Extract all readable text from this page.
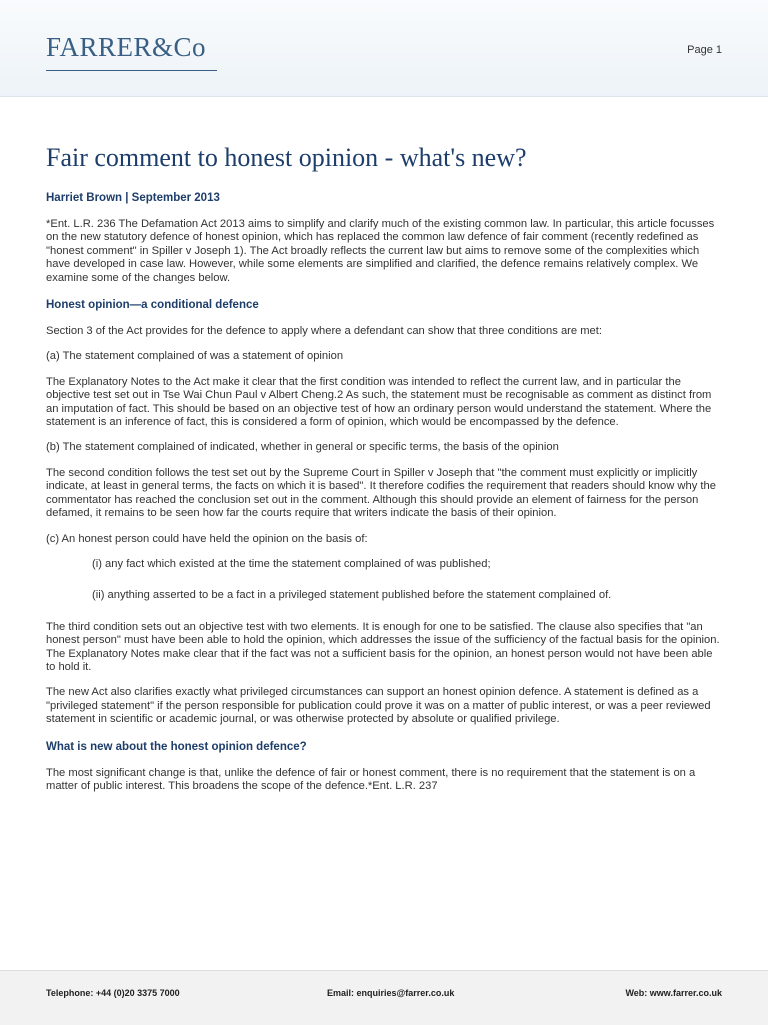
FARRER&Co	Page 1
Fair comment to honest opinion - what's new?
Harriet Brown | September 2013

*Ent. L.R. 236 The Defamation Act 2013 aims to simplify and clarify much of the existing common law. In particular, this article focusses on the new statutory defence of honest opinion, which has replaced the common law defence of fair comment (recently redefined as "honest comment" in Spiller v Joseph 1). The Act broadly reflects the current law but aims to remove some of the complexities which have developed in case law. However, while some elements are simplified and clarified, the defence remains relatively complex. We examine some of the changes below.

Honest opinion—a conditional defence

Section 3 of the Act provides for the defence to apply where a defendant can show that three conditions are met:

(a) The statement complained of was a statement of opinion

The Explanatory Notes to the Act make it clear that the first condition was intended to reflect the current law, and in particular the objective test set out in Tse Wai Chun Paul v Albert Cheng.2 As such, the statement must be recognisable as comment as distinct from an imputation of fact. This should be based on an objective test of how an ordinary person would understand the statement. Where the statement is an inference of fact, this is considered a form of opinion, which would be encompassed by the defence.

(b) The statement complained of indicated, whether in general or specific terms, the basis of the opinion

The second condition follows the test set out by the Supreme Court in Spiller v Joseph that "the comment must explicitly or implicitly indicate, at least in general terms, the facts on which it is based". It therefore codifies the requirement that readers should know why the commentator has reached the conclusion set out in the comment. Although this should provide an element of fairness for the person defamed, it remains to be seen how far the courts require that writers indicate the basis of their opinion.

(c) An honest person could have held the opinion on the basis of:

(i) any fact which existed at the time the statement complained of was published;

(ii) anything asserted to be a fact in a privileged statement published before the statement complained of.

The third condition sets out an objective test with two elements. It is enough for one to be satisfied. The clause also specifies that "an honest person" must have been able to hold the opinion, which addresses the issue of the sufficiency of the factual basis for the opinion. The Explanatory Notes make clear that if the fact was not a sufficient basis for the opinion, an honest person would not have been able to hold it.

The new Act also clarifies exactly what privileged circumstances can support an honest opinion defence. A statement is defined as a "privileged statement" if the person responsible for publication could prove it was on a matter of public interest, or was a peer reviewed statement in scientific or academic journal, or was otherwise protected by absolute or qualified privilege.

What is new about the honest opinion defence?

The most significant change is that, unlike the defence of fair or honest comment, there is no requirement that the statement is on a matter of public interest. This broadens the scope of the defence.*Ent. L.R. 237

Telephone: +44 (0)20 3375 7000	Email: enquiries@farrer.co.uk	Web: www.farrer.co.uk
